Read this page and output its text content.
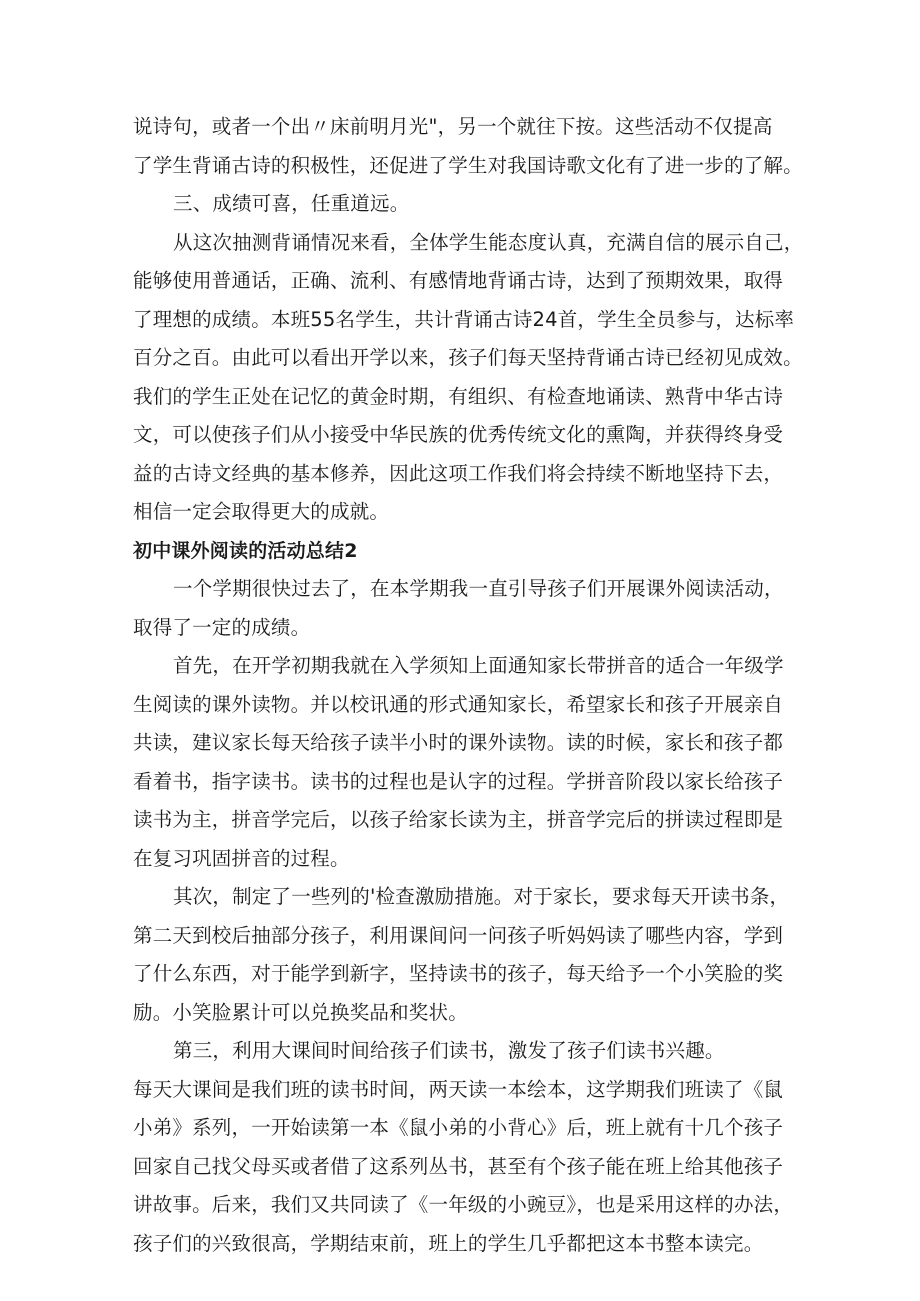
说诗句，或者一个出〃床前明月光"，另一个就往下按。这些活动不仅提高
了学生背诵古诗的积极性，还促进了学生对我国诗歌文化有了进一步的了解。
三、成绩可喜，任重道远。
从这次抽测背诵情况来看，全体学生能态度认真，充满自信的展示自己，
能够使用普通话，正确、流利、有感情地背诵古诗，达到了预期效果，取得
了理想的成绩。本班55名学生，共计背诵古诗24首，学生全员参与，达标率
百分之百。由此可以看出开学以来，孩子们每天坚持背诵古诗已经初见成效。
我们的学生正处在记忆的黄金时期，有组织、有检查地诵读、熟背中华古诗
文，可以使孩子们从小接受中华民族的优秀传统文化的熏陶，并获得终身受
益的古诗文经典的基本修养，因此这项工作我们将会持续不断地坚持下去，
相信一定会取得更大的成就。
初中课外阅读的活动总结2
一个学期很快过去了，在本学期我一直引导孩子们开展课外阅读活动，
取得了一定的成绩。
首先，在开学初期我就在入学须知上面通知家长带拼音的适合一年级学
生阅读的课外读物。并以校讯通的形式通知家长，希望家长和孩子开展亲自
共读，建议家长每天给孩子读半小时的课外读物。读的时候，家长和孩子都
看着书，指字读书。读书的过程也是认字的过程。学拼音阶段以家长给孩子
读书为主，拼音学完后，以孩子给家长读为主，拼音学完后的拼读过程即是
在复习巩固拼音的过程。
其次，制定了一些列的'检查激励措施。对于家长，要求每天开读书条，
第二天到校后抽部分孩子，利用课间问一问孩子听妈妈读了哪些内容，学到
了什么东西，对于能学到新字，坚持读书的孩子，每天给予一个小笑脸的奖
励。小笑脸累计可以兑换奖品和奖状。
第三，利用大课间时间给孩子们读书，激发了孩子们读书兴趣。
每天大课间是我们班的读书时间，两天读一本绘本，这学期我们班读了《鼠
小弟》系列，一开始读第一本《鼠小弟的小背心》后，班上就有十几个孩子
回家自己找父母买或者借了这系列丛书，甚至有个孩子能在班上给其他孩子
讲故事。后来，我们又共同读了《一年级的小豌豆》，也是采用这样的办法，
孩子们的兴致很高，学期结束前，班上的学生几乎都把这本书整本读完。
